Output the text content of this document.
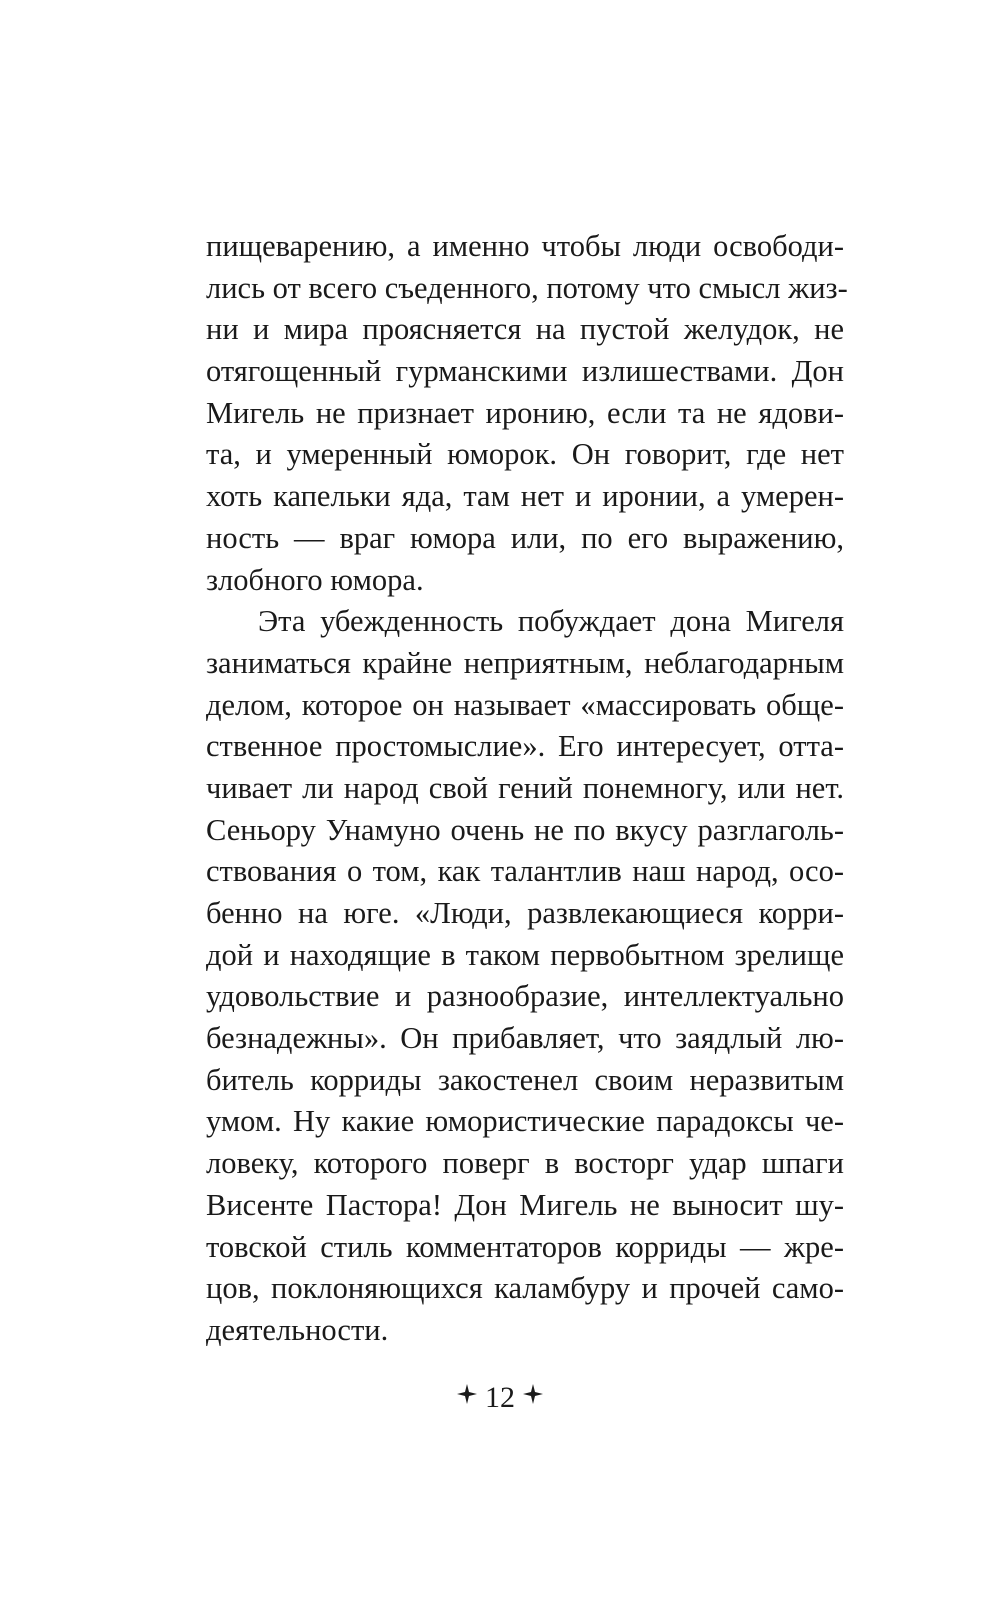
пищеварению, а именно чтобы люди освободи-
лись от всего съеденного, потому что смысл жиз-
ни и мира проясняется на пустой желудок, не
отягощенный гурманскими излишествами. Дон
Мигель не признает иронию, если та не ядови-
та, и умеренный юморок. Он говорит, где нет
хоть капельки яда, там нет и иронии, а умерен-
ность — враг юмора или, по его выражению,
злобного юмора.
Эта убежденность побуждает дона Мигеля
заниматься крайне неприятным, неблагодарным
делом, которое он называет «массировать обще-
ственное простомыслие». Его интересует, отта-
чивает ли народ свой гений понемногу, или нет.
Сеньору Унамуно очень не по вкусу разглаголь-
ствования о том, как талантлив наш народ, осо-
бенно на юге. «Люди, развлекающиеся корри-
дой и находящие в таком первобытном зрелище
удовольствие и разнообразие, интеллектуально
безнадежны». Он прибавляет, что заядлый лю-
битель корриды закостенел своим неразвитым
умом. Ну какие юмористические парадоксы че-
ловеку, которого поверг в восторг удар шпаги
Висенте Пастора! Дон Мигель не выносит шу-
товской стиль комментаторов корриды — жре-
цов, поклоняющихся каламбуру и прочей само-
деятельности.
12
